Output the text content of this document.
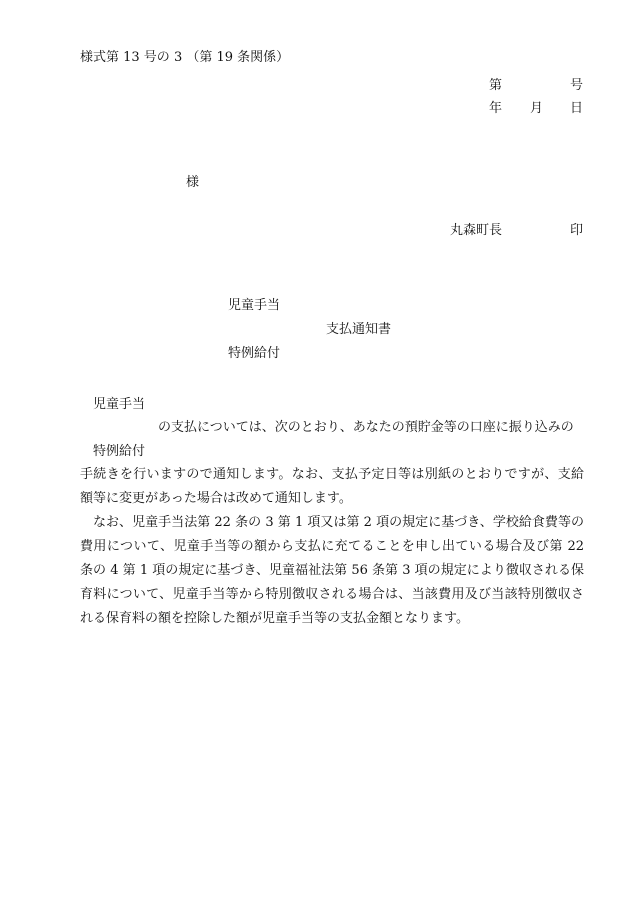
様式第 13 号の 3 （第 19 条関係）
第	号
年 月 日
様
丸森町長	印
児童手当
支払通知書
特例給付
児童手当
の支払については、次のとおり、あなたの預貯金等の口座に振り込みの
特例給付
手続きを行いますので通知します。なお、支払予定日等は別紙のとおりですが、支給額等に変更があった場合は改めて通知します。
なお、児童手当法第 22 条の 3 第 1 項又は第 2 項の規定に基づき、学校給食費等の費用について、児童手当等の額から支払に充てることを申し出ている場合及び第 22 条の 4 第 1 項の規定に基づき、児童福祉法第 56 条第 3 項の規定により徴収される保育料について、児童手当等から特別徴収される場合は、当該費用及び当該特別徴収される保育料の額を控除した額が児童手当等の支払金額となります。
